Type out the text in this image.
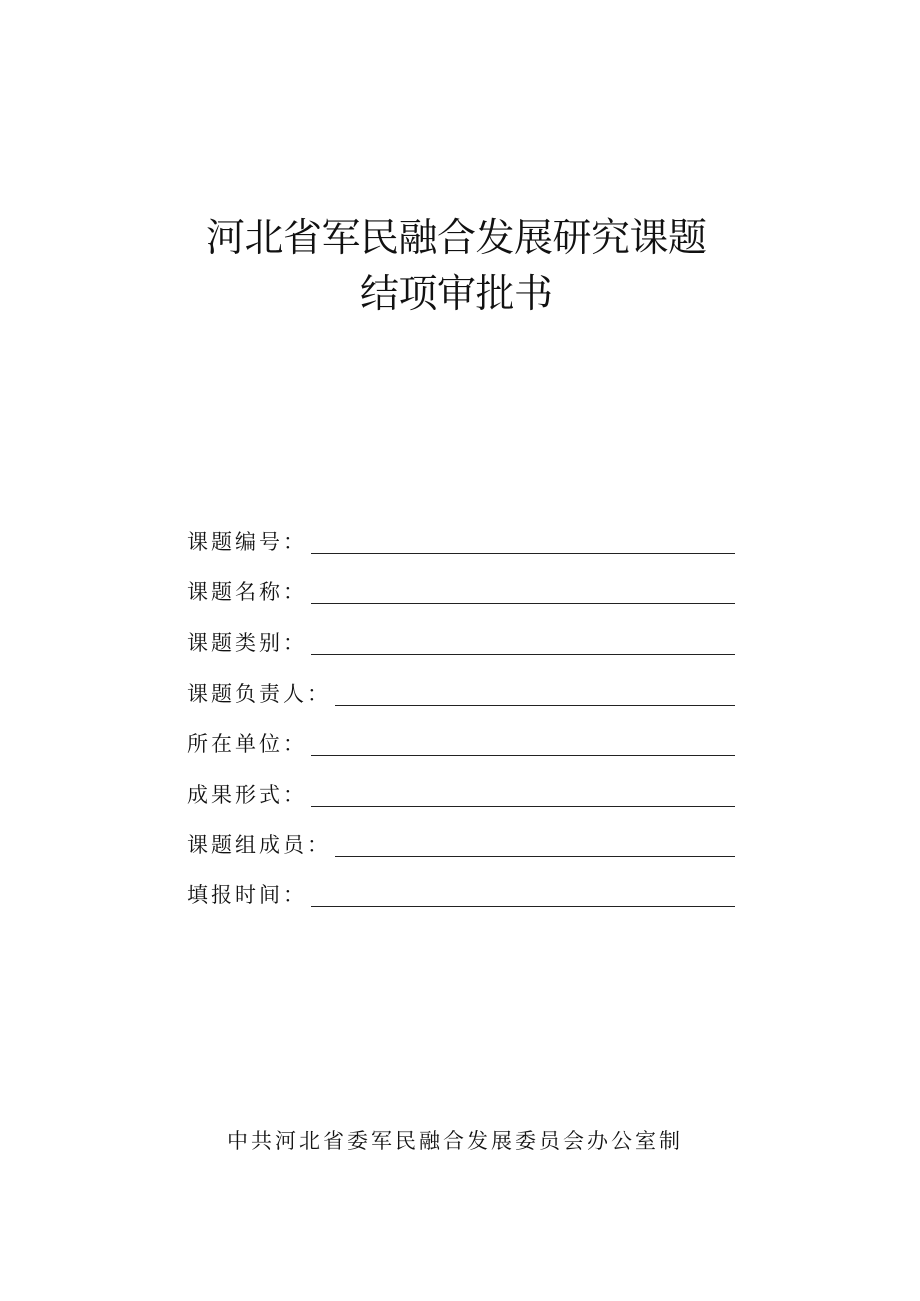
河北省军民融合发展研究课题
结项审批书
课题编号：
课题名称：
课题类别：
课题负责人：
所在单位：
成果形式：
课题组成员：
填报时间：
中共河北省委军民融合发展委员会办公室制
